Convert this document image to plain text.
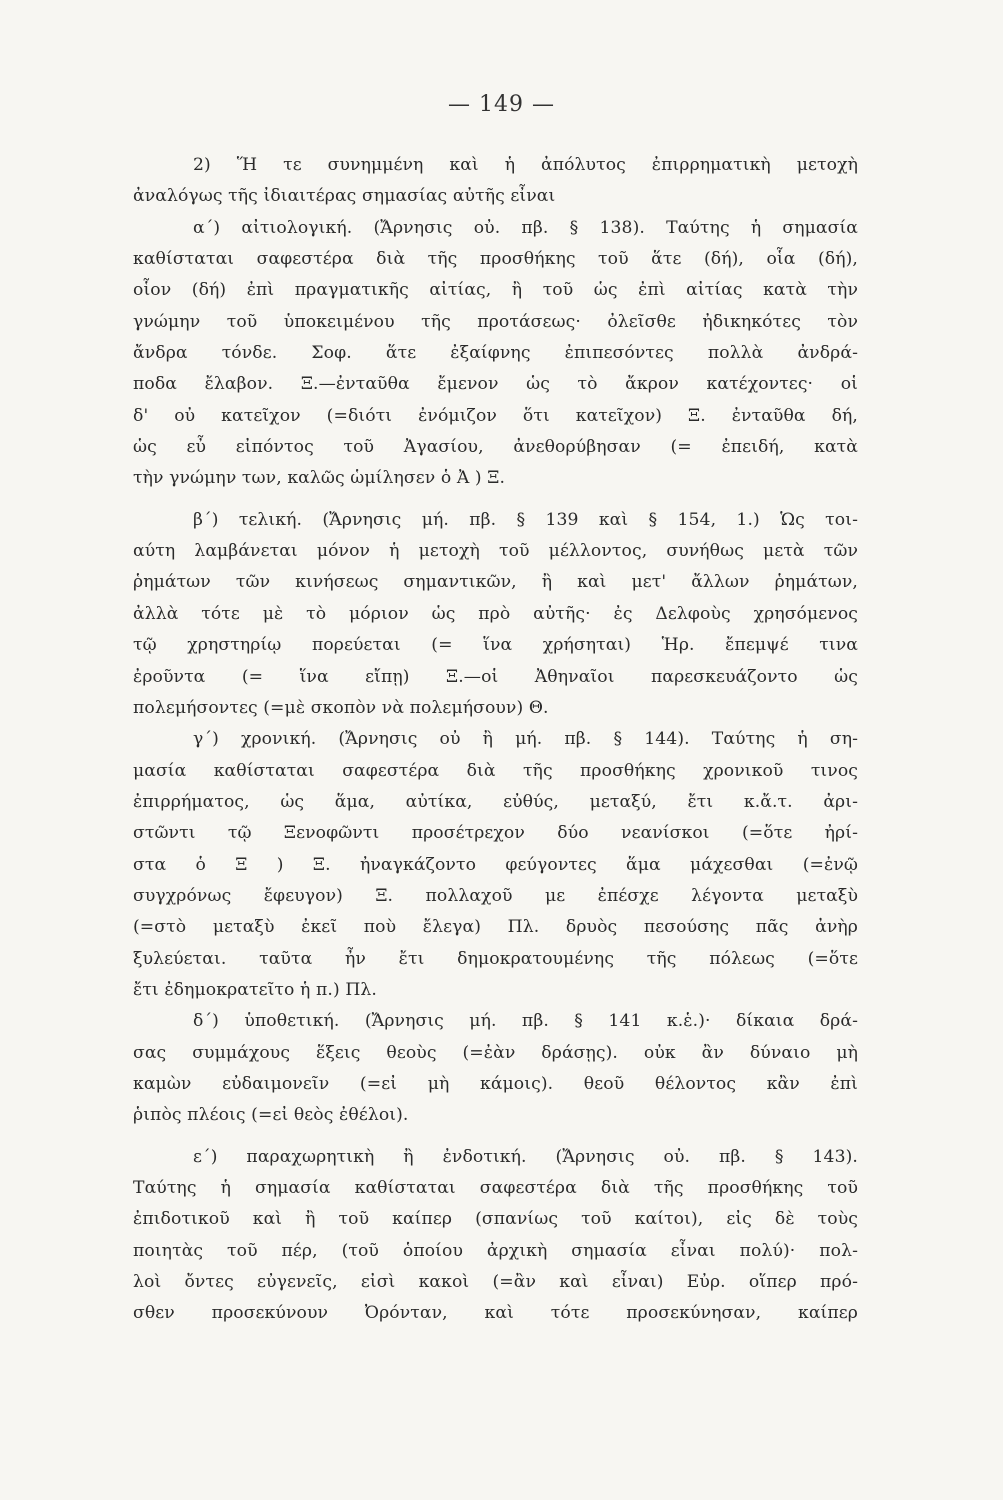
— 149 —
2) Ἥ τε συνημμένη καὶ ἡ ἀπόλυτος ἐπιρρηματικὴ μετοχὴ
ἀναλόγως τῆς ἰδιαιτέρας σημασίας αὐτῆς εἶναι
α΄) αἰτιολογική. (Ἄρνησις οὐ. πβ. § 138). Ταύτης ἡ σημασία
καθίσταται σαφεστέρα διὰ τῆς προσθήκης τοῦ ἅτε (δή), οἷα (δή),
οἷον (δή) ἐπὶ πραγματικῆς αἰτίας, ἢ τοῦ ὡς ἐπὶ αἰτίας κατὰ τὴν
γνώμην τοῦ ὑποκειμένου τῆς προτάσεως· ὀλεῖσθε ἠδικηκότες τὸν
ἄνδρα τόνδε. Σοφ. ἅτε ἐξαίφνης ἐπιπεσόντες πολλὰ ἀνδρά-
ποδα ἔλαβον. Ξ.—ἐνταῦθα ἔμενον ὡς τὸ ἄκρον κατέχοντες· οἱ
δ' οὐ κατεῖχον (=διότι ἐνόμιζον ὅτι κατεῖχον) Ξ. ἐνταῦθα δή,
ὡς εὖ εἰπόντος τοῦ Ἀγασίου, ἀνεθορύβησαν (= ἐπειδή, κατὰ
τὴν γνώμην των, καλῶς ὡμίλησεν ὁ Ἀ ) Ξ.
β΄) τελική. (Ἄρνησις μή. πβ. § 139 καὶ § 154, 1.) Ὡς τοι-
αύτη λαμβάνεται μόνον ἡ μετοχὴ τοῦ μέλλοντος, συνήθως μετὰ τῶν
ῥημάτων τῶν κινήσεως σημαντικῶν, ἢ καὶ μετ' ἄλλων ῥημάτων,
ἀλλὰ τότε μὲ τὸ μόριον ὡς πρὸ αὐτῆς· ἐς Δελφοὺς χρησόμενος
τῷ χρηστηρίῳ πορεύεται (= ἵνα χρήσηται) Ἡρ. ἔπεμψέ τινα
ἐροῦντα (= ἵνα εἴπῃ) Ξ.—οἱ Ἀθηναῖοι παρεσκευάζοντο ὡς
πολεμήσοντες (=μὲ σκοπὸν νὰ πολεμήσουν) Θ.
γ΄) χρονική. (Ἄρνησις οὐ ἢ μή. πβ. § 144). Ταύτης ἡ ση-
μασία καθίσταται σαφεστέρα διὰ τῆς προσθήκης χρονικοῦ τινος
ἐπιρρήματος, ὡς ἅμα, αὐτίκα, εὐθύς, μεταξύ, ἔτι κ.ἄ.τ. ἀρι-
στῶντι τῷ Ξενοφῶντι προσέτρεχον δύο νεανίσκοι (=ὅτε ἠρί-
στα ὁ Ξ ) Ξ. ἠναγκάζοντο φεύγοντες ἅμα μάχεσθαι (=ἐνῷ
συγχρόνως ἔφευγον) Ξ. πολλαχοῦ με ἐπέσχε λέγοντα μεταξὺ
(=στὸ μεταξὺ ἐκεῖ ποὺ ἔλεγα) Πλ. δρυὸς πεσούσης πᾶς ἀνὴρ
ξυλεύεται. ταῦτα ἦν ἔτι δημοκρατουμένης τῆς πόλεως (=ὅτε
ἔτι ἐδημοκρατεῖτο ἡ π.) Πλ.
δ΄) ὑποθετική. (Ἄρνησις μή. πβ. § 141 κ.ἑ.)· δίκαια δρά-
σας συμμάχους ἕξεις θεοὺς (=ἐὰν δράσῃς). οὐκ ἂν δύναιο μὴ
καμὼν εὐδαιμονεῖν (=εἰ μὴ κάμοις). θεοῦ θέλοντος κἂν ἐπὶ
ῥιπὸς πλέοις (=εἰ θεὸς ἐθέλοι).
ε΄) παραχωρητικὴ ἢ ἐνδοτική. (Ἄρνησις οὐ. πβ. § 143).
Ταύτης ἡ σημασία καθίσταται σαφεστέρα διὰ τῆς προσθήκης τοῦ
ἐπιδοτικοῦ καὶ ἢ τοῦ καίπερ (σπανίως τοῦ καίτοι), εἰς δὲ τοὺς
ποιητὰς τοῦ πέρ, (τοῦ ὁποίου ἀρχικὴ σημασία εἶναι πολύ)· πολ-
λοὶ ὄντες εὐγενεῖς, εἰσὶ κακοὶ (=ἂν καὶ εἶναι) Εὐρ. οἵπερ πρό-
σθεν προσεκύνουν Ὀρόνταν, καὶ τότε προσεκύνησαν, καίπερ
